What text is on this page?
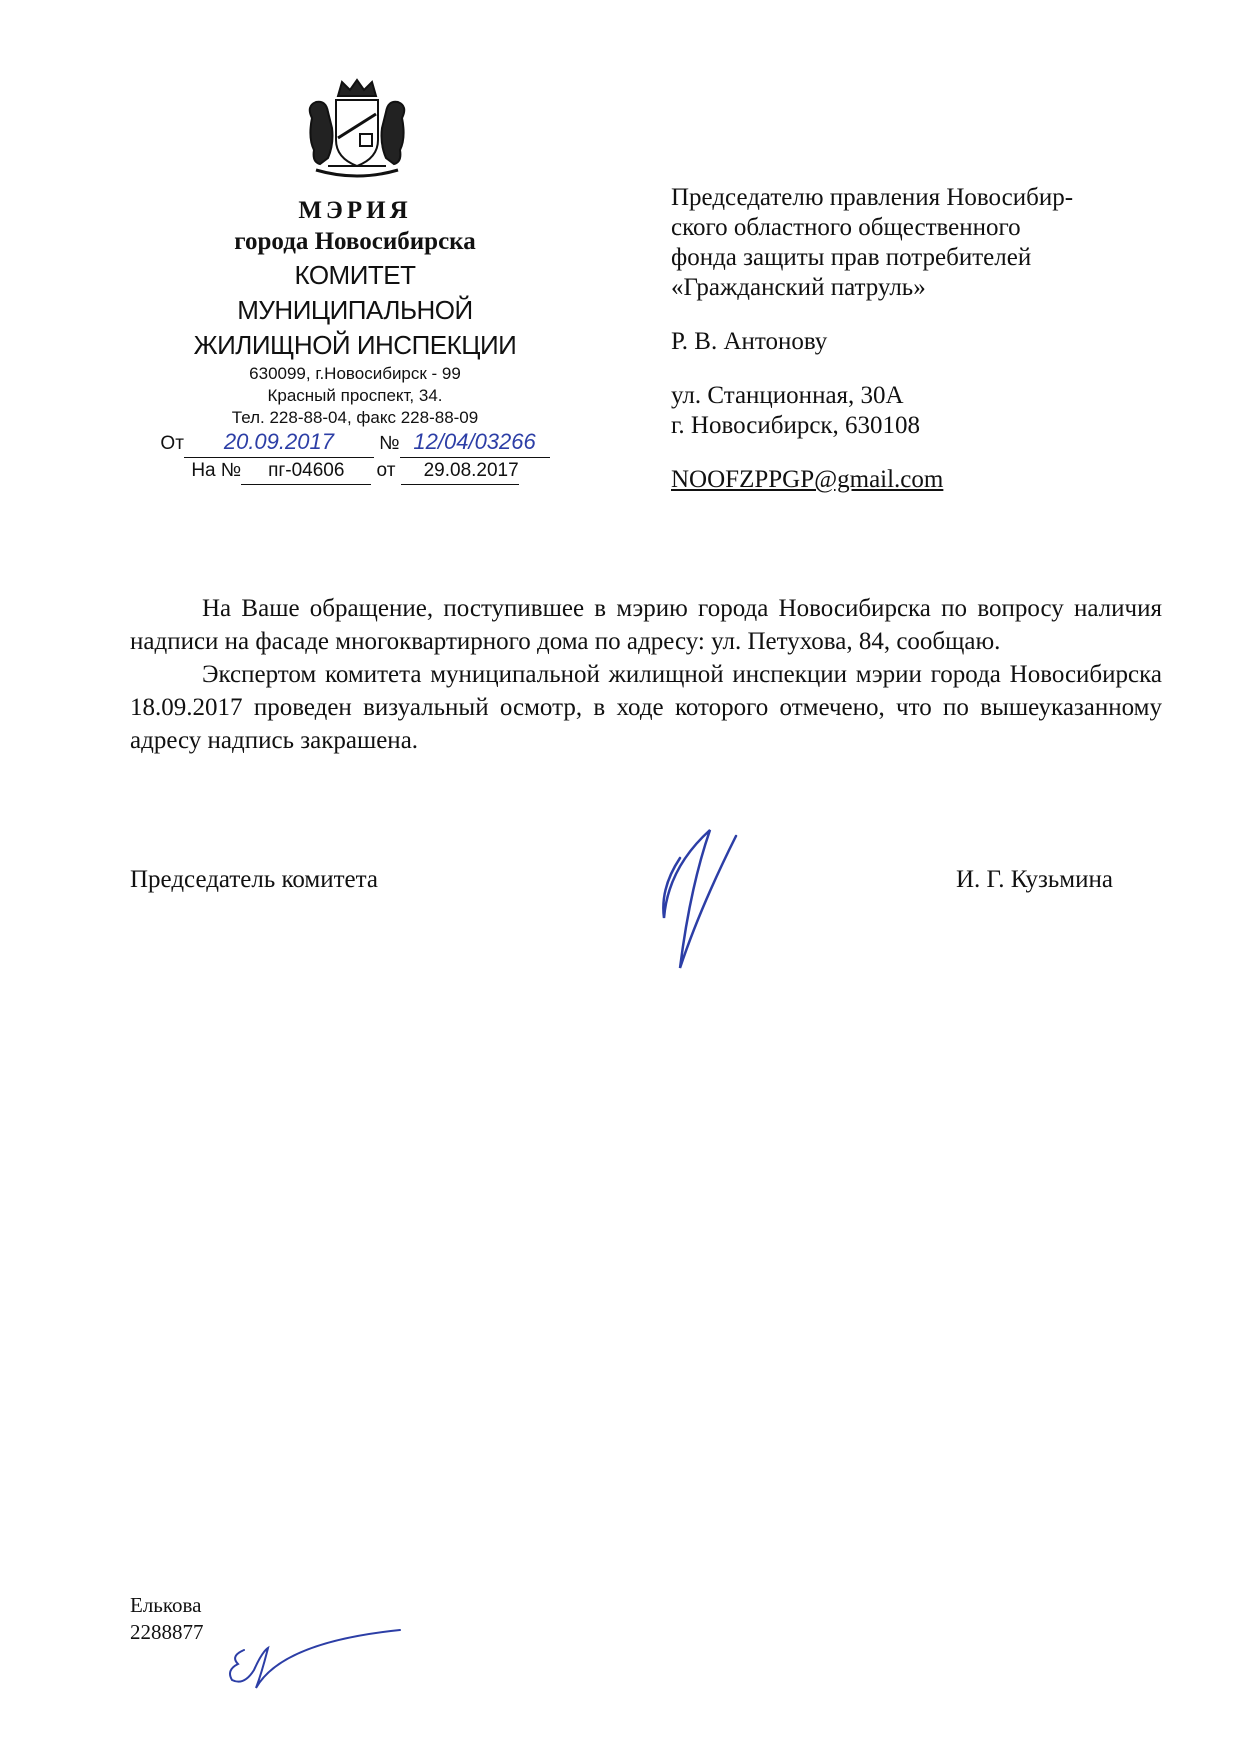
МЭРИЯ
города Новосибирска
КОМИТЕТ
МУНИЦИПАЛЬНОЙ
ЖИЛИЩНОЙ ИНСПЕКЦИИ
630099, г.Новосибирск - 99
Красный проспект, 34.
Тел. 228-88-04, факс 228-88-09
От 20.09.2017 № 12/04/03266
На № пг-04606 от 29.08.2017
Председателю правления Новосибир-
ского областного общественного
фонда защиты прав потребителей
«Гражданский патруль»
Р. В. Антонову
ул. Станционная, 30А
г. Новосибирск, 630108
NOOFZPPGP@gmail.com

На Ваше обращение, поступившее в мэрию города Новосибирска по вопросу наличия надписи на фасаде многоквартирного дома по адресу: ул. Петухова, 84, сообщаю.

Экспертом комитета муниципальной жилищной инспекции мэрии города Новосибирска 18.09.2017 проведен визуальный осмотр, в ходе которого отмечено, что по вышеуказанному адресу надпись закрашена.

Председатель комитета	И. Г. Кузьмина
Елькова
2288877
